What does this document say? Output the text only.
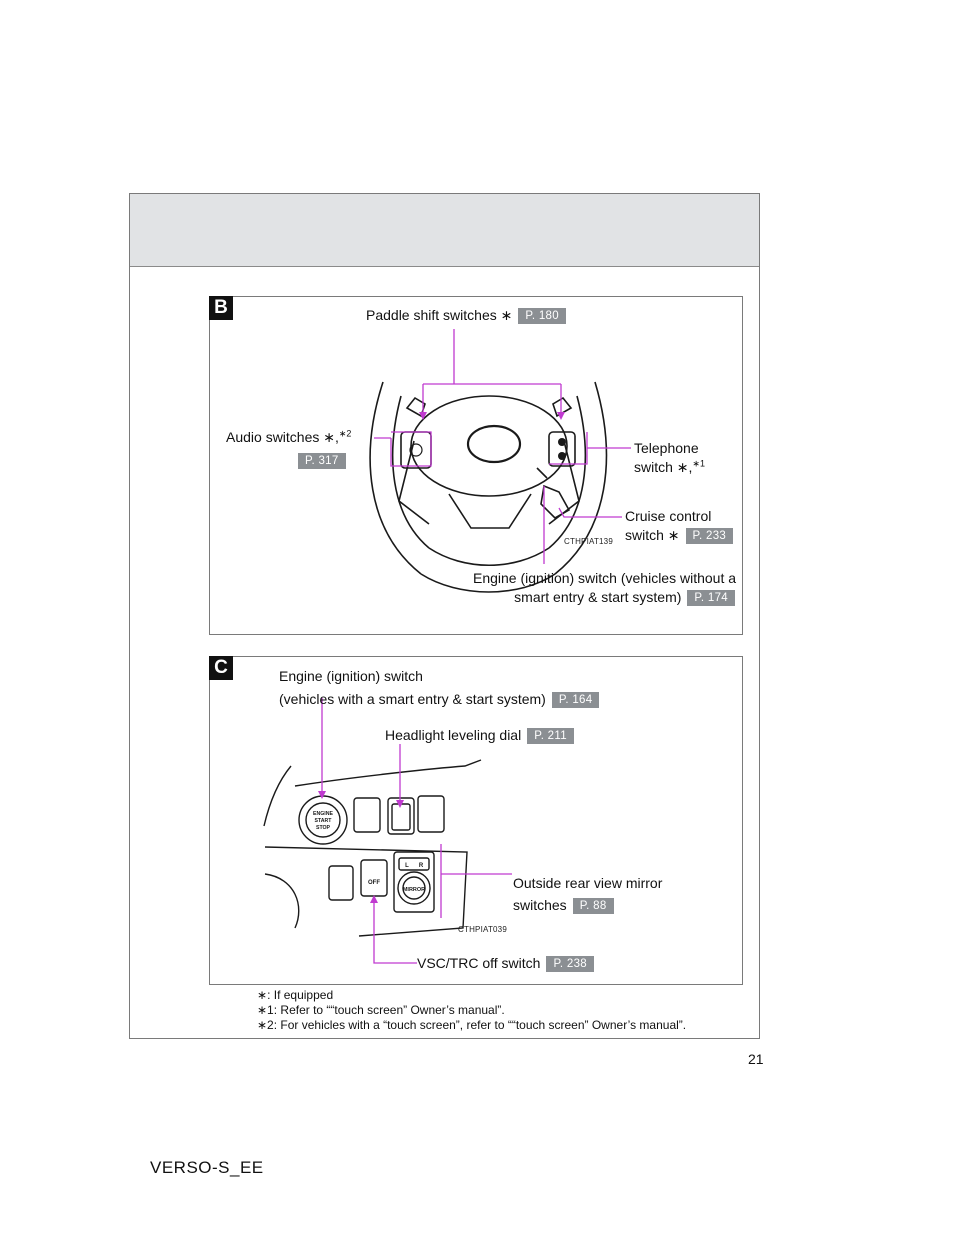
B
CTHPIAT139
Paddle shift switches ∗ P. 180
Audio switches ∗,$^{∗2}$
P. 317
Telephone
switch ∗,$^{∗1}$
Cruise control
switch ∗ P. 233
Engine (ignition) switch (vehicles without a
smart entry & start system) P. 174
C
ENGINE
START
STOP
MIRROR
L R
OFF
CTHPIAT039
Engine (ignition) switch
(vehicles with a smart entry & start system) P. 164
Headlight leveling dial P. 211
Outside rear view mirror
switches P. 88
VSC/TRC off switch P. 238
∗: If equipped
∗1: Refer to ““touch screen” Owner’s manual”.
∗2: For vehicles with a “touch screen”, refer to ““touch screen” Owner’s manual”.
21
VERSO-S_EE
